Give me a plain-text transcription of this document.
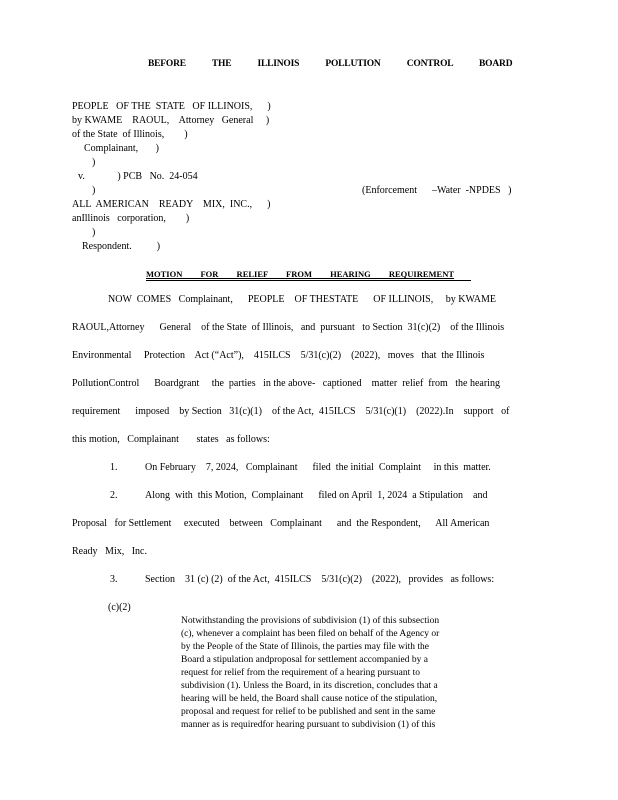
BEFORE THE ILLINOIS POLLUTION CONTROL BOARD
PEOPLE   OF THE  STATE   OF ILLINOIS,      )
by KWAME    RAOUL,    Attorney   General     )
of the State  of Illinois,        )
Complainant,       )
)
v.             ) PCB   No.  24-054
)	(Enforcement      –Water  -NPDES   )
ALL  AMERICAN    READY    MIX,  INC.,      )
anIllinois   corporation,        )
)
Respondent.          )
MOTION FOR RELIEF FROM HEARING REQUIREMENT
NOW  COMES   Complainant,      PEOPLE    OF THESTATE      OF ILLINOIS,     by KWAME
RAOUL,Attorney      General    of the State  of Illinois,   and  pursuant   to Section  31(c)(2)    of the Illinois
Environmental     Protection    Act (“Act”),    415ILCS    5/31(c)(2)    (2022),   moves   that  the Illinois
PollutionControl      Boardgrant     the  parties   in the above-   captioned    matter  relief  from   the hearing
requirement      imposed    by Section   31(c)(1)    of the Act,  415ILCS    5/31(c)(1)    (2022).In    support   of
this motion,   Complainant       states   as follows:
1.	On February    7, 2024,   Complainant      filed  the initial  Complaint     in this  matter.
2.	Along  with  this Motion,  Complainant      filed on April  1, 2024  a Stipulation    and
Proposal   for Settlement     executed    between   Complainant      and  the Respondent,      All American
Ready   Mix,   Inc.
3.	Section    31 (c) (2)  of the Act,  415ILCS    5/31(c)(2)    (2022),   provides   as follows:
(c)(2)
Notwithstanding the provisions of subdivision (1) of this subsection
(c), whenever a complaint has been filed on behalf of the Agency or
by the People of the State of Illinois, the parties may file with the
Board a stipulation andproposal for settlement accompanied by a
request for relief from the requirement of a hearing pursuant to
subdivision (1). Unless the Board, in its discretion, concludes that a
hearing will be held, the Board shall cause notice of the stipulation,
proposal and request for relief to be published and sent in the same
manner as is requiredfor hearing pursuant to subdivision (1) of this
